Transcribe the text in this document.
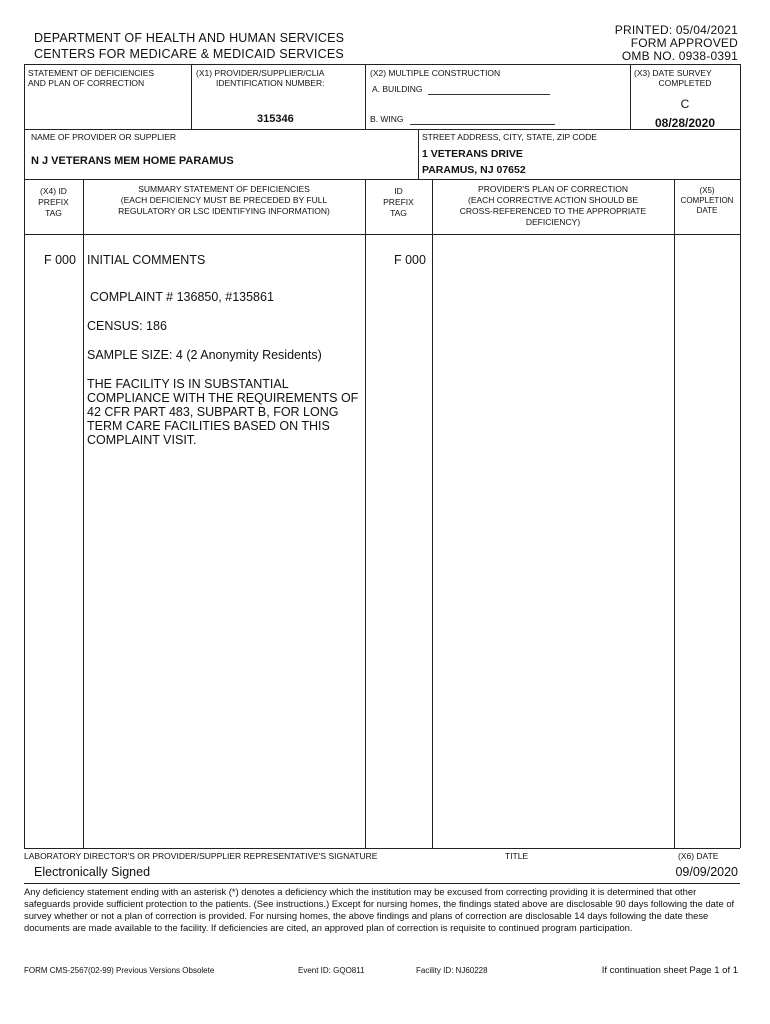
DEPARTMENT OF HEALTH AND HUMAN SERVICES
CENTERS FOR MEDICARE & MEDICAID SERVICES
PRINTED: 05/04/2021
FORM APPROVED
OMB NO. 0938-0391
STATEMENT OF DEFICIENCIES
AND PLAN OF CORRECTION
(X1) PROVIDER/SUPPLIER/CLIA
IDENTIFICATION NUMBER:
315346
(X2) MULTIPLE CONSTRUCTION
A. BUILDING
B. WING
(X3) DATE SURVEY
COMPLETED
C
08/28/2020
NAME OF PROVIDER OR SUPPLIER
N J VETERANS MEM HOME PARAMUS
STREET ADDRESS, CITY, STATE, ZIP CODE
1 VETERANS DRIVE
PARAMUS, NJ 07652
(X4) ID
PREFIX
TAG
SUMMARY STATEMENT OF DEFICIENCIES
(EACH DEFICIENCY MUST BE PRECEDED BY FULL
REGULATORY OR LSC IDENTIFYING INFORMATION)
ID
PREFIX
TAG
PROVIDER'S PLAN OF CORRECTION
(EACH CORRECTIVE ACTION SHOULD BE
CROSS-REFERENCED TO THE APPROPRIATE
DEFICIENCY)
(X5)
COMPLETION
DATE
F 000	F 000
INITIAL COMMENTS
COMPLAINT # 136850, #135861
CENSUS: 186
SAMPLE SIZE: 4 (2 Anonymity Residents)
THE FACILITY IS IN SUBSTANTIAL COMPLIANCE WITH THE REQUIREMENTS OF 42 CFR PART 483, SUBPART B, FOR LONG TERM CARE FACILITIES BASED ON THIS COMPLAINT VISIT.
LABORATORY DIRECTOR'S OR PROVIDER/SUPPLIER REPRESENTATIVE'S SIGNATURE	TITLE	(X6) DATE
Electronically Signed	09/09/2020
Any deficiency statement ending with an asterisk (*) denotes a deficiency which the institution may be excused from correcting providing it is determined that other safeguards provide sufficient protection to the patients. (See instructions.) Except for nursing homes, the findings stated above are disclosable 90 days following the date of survey whether or not a plan of correction is provided. For nursing homes, the above findings and plans of correction are disclosable 14 days following the date these documents are made available to the facility. If deficiencies are cited, an approved plan of correction is requisite to continued program participation.
FORM CMS-2567(02-99) Previous Versions Obsolete	Event ID: GQO811	Facility ID: NJ60228	If continuation sheet Page 1 of 1
